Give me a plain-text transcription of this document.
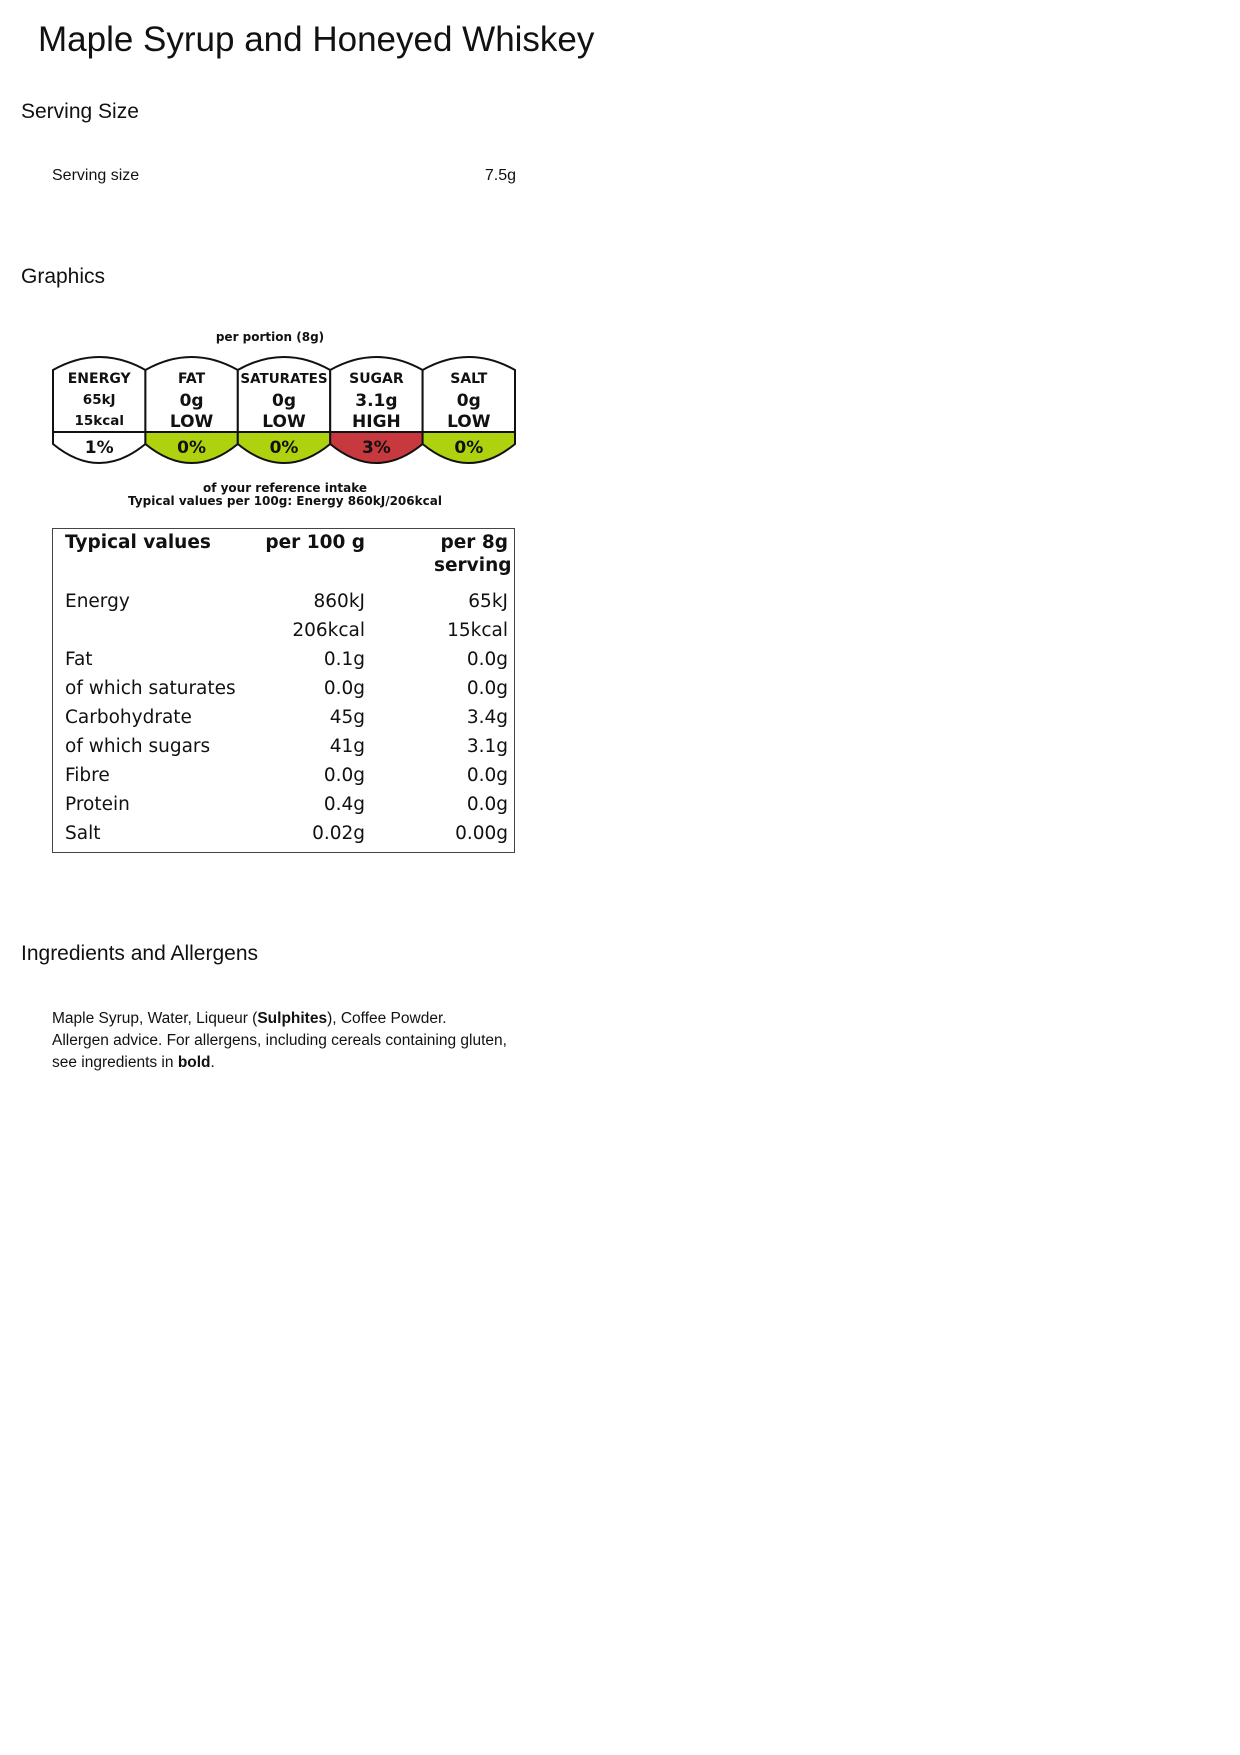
Maple Syrup and Honeyed Whiskey
Serving Size
Serving size	7.5g
Graphics
per portion (8g)
ENERGY
65kJ
15kcal
1%
FAT
0g
LOW
0%
SATURATES
0g
LOW
0%
SUGAR
3.1g
HIGH
3%
SALT
0g
LOW
0%
of your reference intake
Typical values per 100g: Energy 860kJ/206kcal
Typical values	per 100 g	per 8g serving
Energy	860kJ	65kJ
	206kcal	15kcal
Fat	0.1g	0.0g
of which saturates	0.0g	0.0g
Carbohydrate	45g	3.4g
of which sugars	41g	3.1g
Fibre	0.0g	0.0g
Protein	0.4g	0.0g
Salt	0.02g	0.00g
Ingredients and Allergens
Maple Syrup, Water, Liqueur (Sulphites), Coffee Powder.
Allergen advice. For allergens, including cereals containing gluten, see ingredients in bold.
